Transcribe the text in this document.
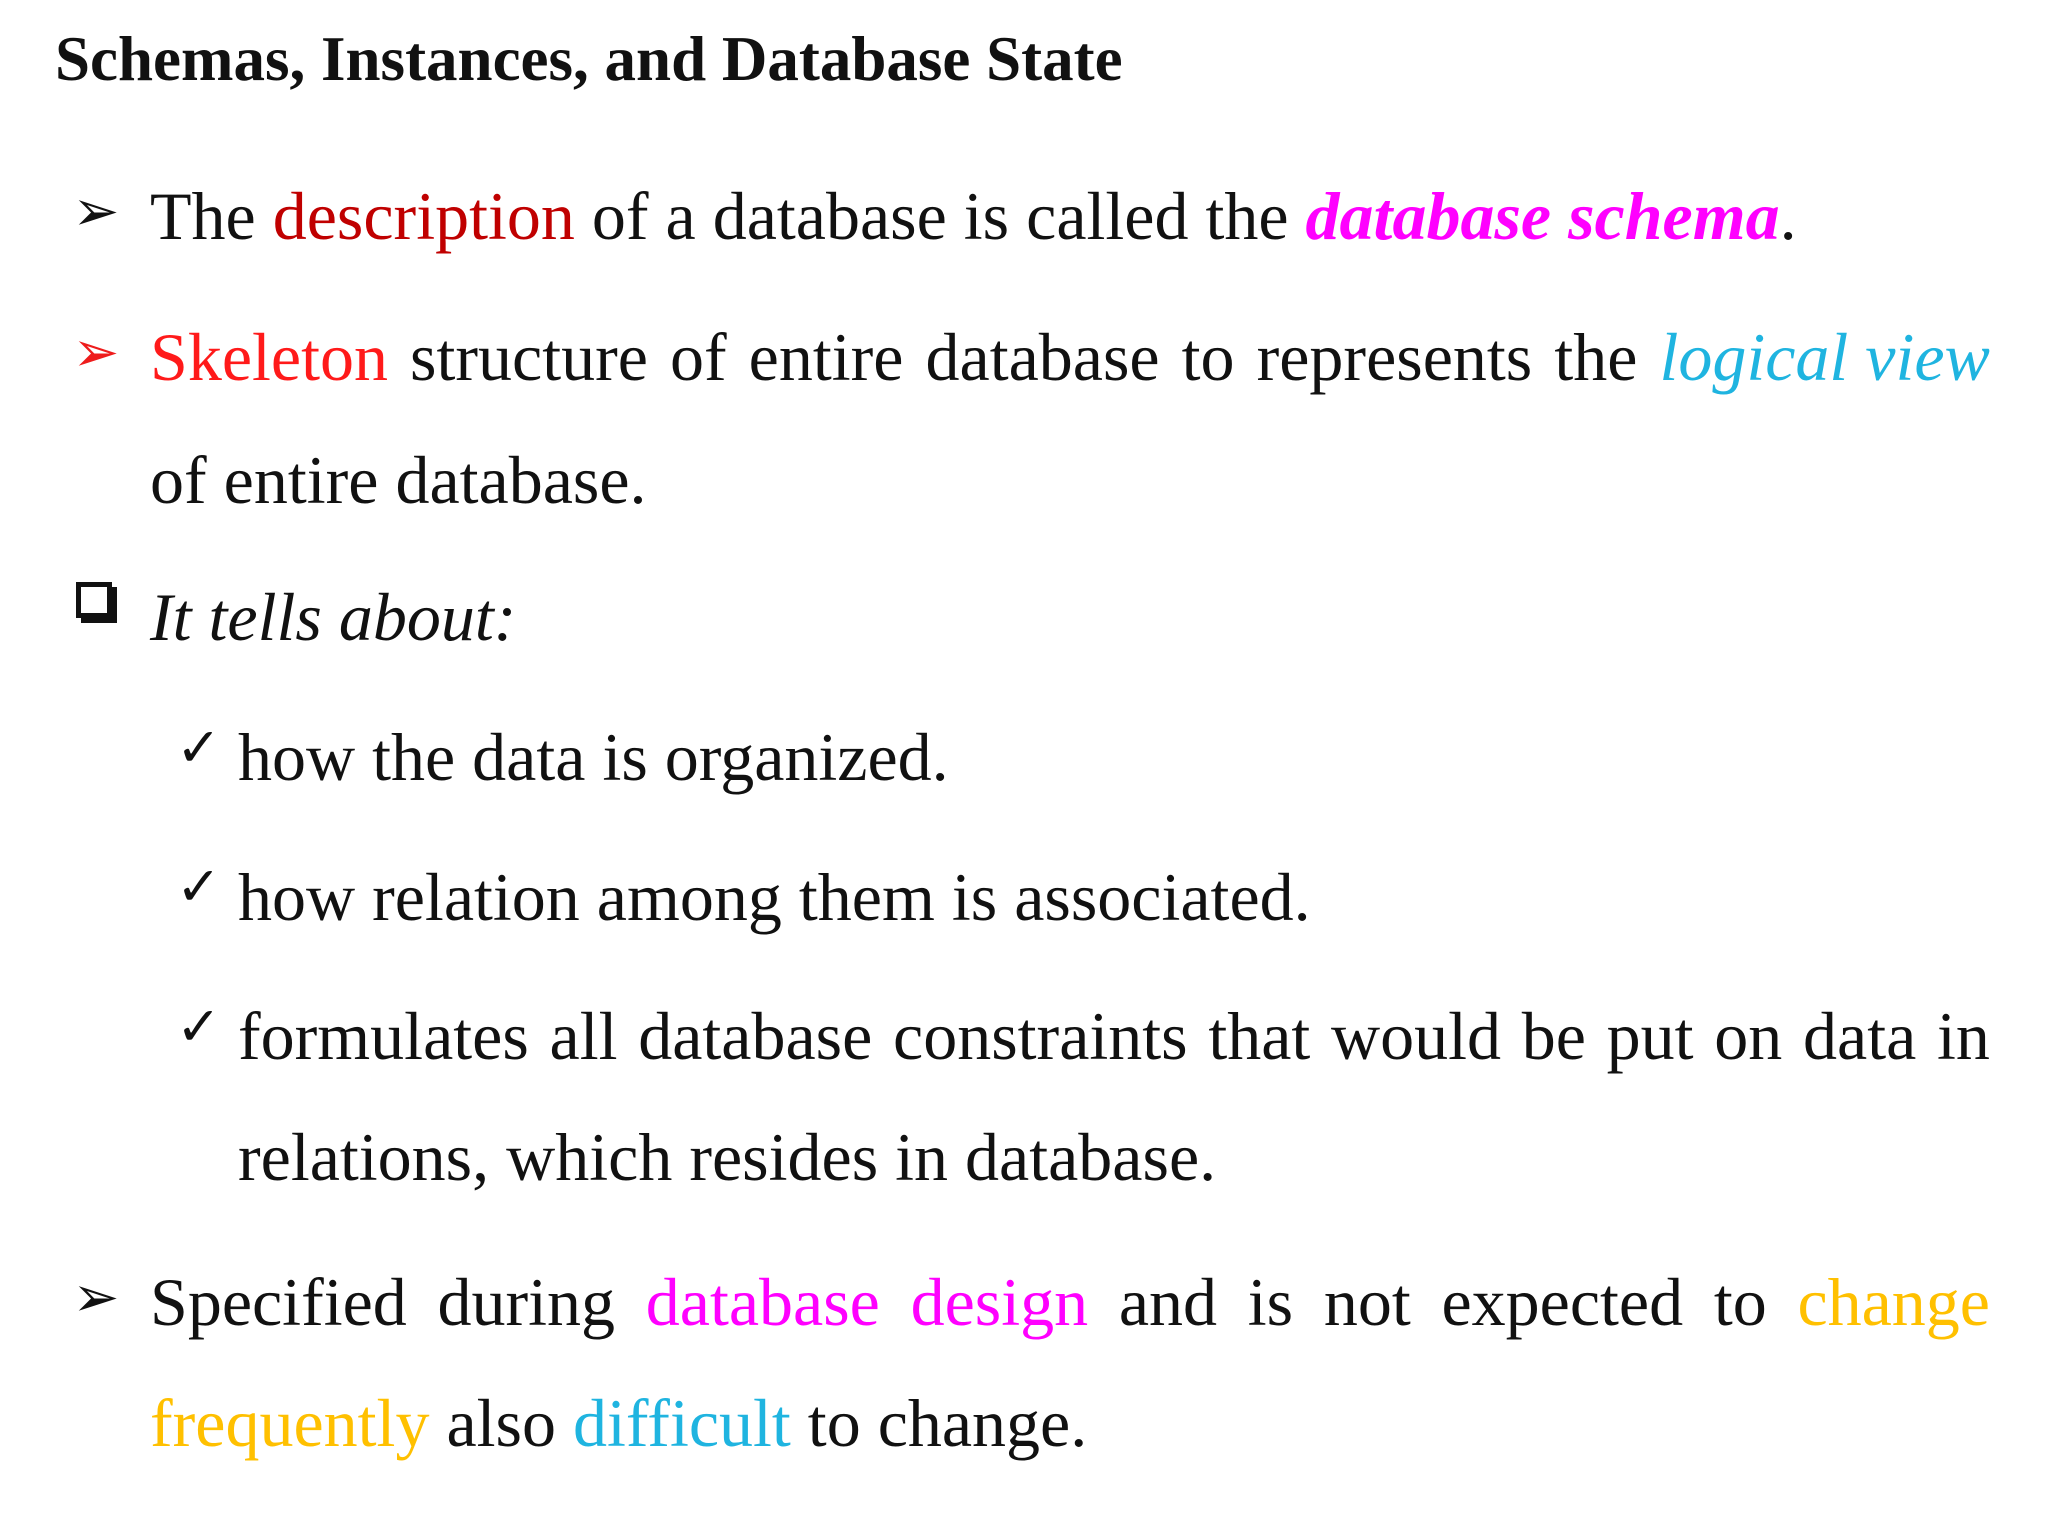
Schemas, Instances, and Database State
➢ The description of a database is called the database schema.
➢ Skeleton structure of entire database to represents the logical view
of entire database.
It tells about:
✓ how the data is organized.
✓ how relation among them is associated.
✓ formulates all database constraints that would be put on data in
relations, which resides in database.
➢ Specified during database design and is not expected to change
frequently also difficult to change.
